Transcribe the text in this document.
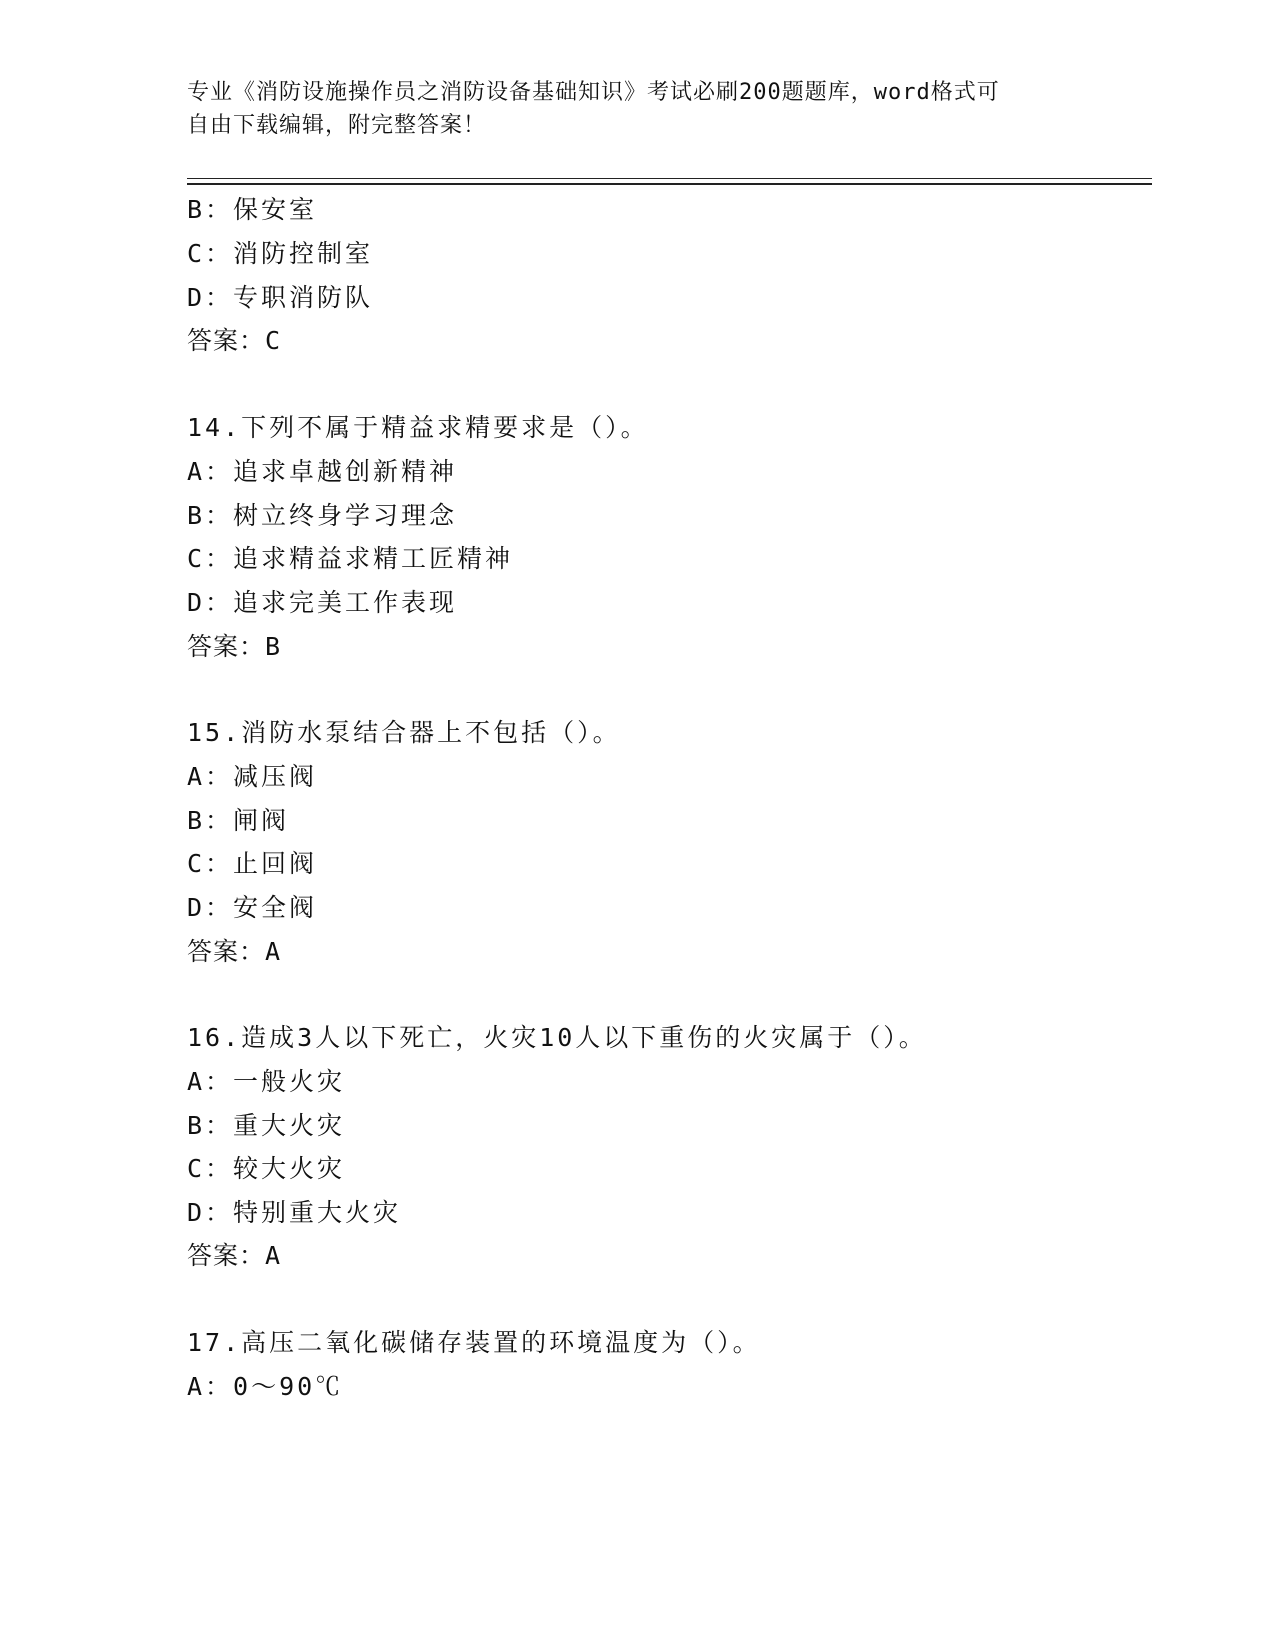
专业《消防设施操作员之消防设备基础知识》考试必刷200题题库，word格式可
自由下载编辑，附完整答案！
B：保安室
C：消防控制室
D：专职消防队
答案：C
14.下列不属于精益求精要求是（）。
A：追求卓越创新精神
B：树立终身学习理念
C：追求精益求精工匠精神
D：追求完美工作表现
答案：B
15.消防水泵结合器上不包括（）。
A：减压阀
B：闸阀
C：止回阀
D：安全阀
答案：A
16.造成3人以下死亡，火灾10人以下重伤的火灾属于（）。
A：一般火灾
B：重大火灾
C：较大火灾
D：特别重大火灾
答案：A
17.高压二氧化碳储存装置的环境温度为（）。
A：0～90℃
